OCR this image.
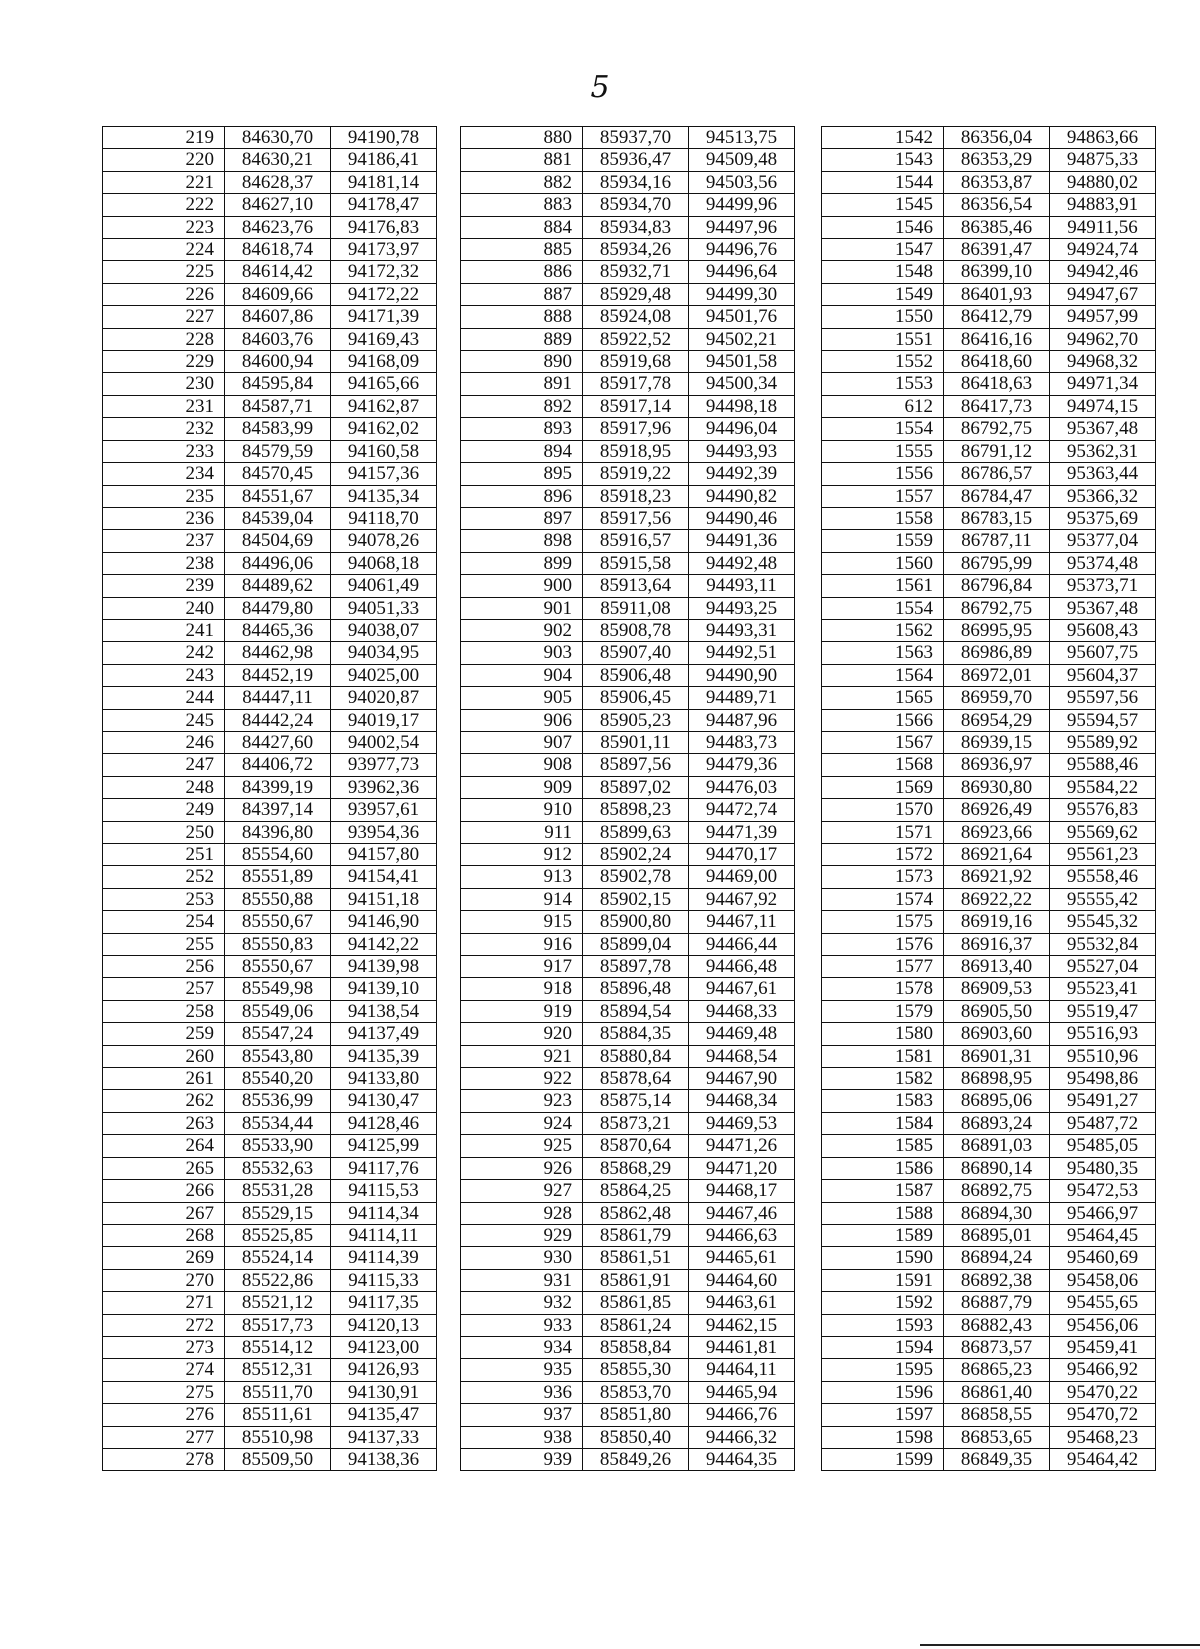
5
219	84630,70	94190,78
220	84630,21	94186,41
221	84628,37	94181,14
222	84627,10	94178,47
223	84623,76	94176,83
224	84618,74	94173,97
225	84614,42	94172,32
226	84609,66	94172,22
227	84607,86	94171,39
228	84603,76	94169,43
229	84600,94	94168,09
230	84595,84	94165,66
231	84587,71	94162,87
232	84583,99	94162,02
233	84579,59	94160,58
234	84570,45	94157,36
235	84551,67	94135,34
236	84539,04	94118,70
237	84504,69	94078,26
238	84496,06	94068,18
239	84489,62	94061,49
240	84479,80	94051,33
241	84465,36	94038,07
242	84462,98	94034,95
243	84452,19	94025,00
244	84447,11	94020,87
245	84442,24	94019,17
246	84427,60	94002,54
247	84406,72	93977,73
248	84399,19	93962,36
249	84397,14	93957,61
250	84396,80	93954,36
251	85554,60	94157,80
252	85551,89	94154,41
253	85550,88	94151,18
254	85550,67	94146,90
255	85550,83	94142,22
256	85550,67	94139,98
257	85549,98	94139,10
258	85549,06	94138,54
259	85547,24	94137,49
260	85543,80	94135,39
261	85540,20	94133,80
262	85536,99	94130,47
263	85534,44	94128,46
264	85533,90	94125,99
265	85532,63	94117,76
266	85531,28	94115,53
267	85529,15	94114,34
268	85525,85	94114,11
269	85524,14	94114,39
270	85522,86	94115,33
271	85521,12	94117,35
272	85517,73	94120,13
273	85514,12	94123,00
274	85512,31	94126,93
275	85511,70	94130,91
276	85511,61	94135,47
277	85510,98	94137,33
278	85509,50	94138,36
880	85937,70	94513,75
881	85936,47	94509,48
882	85934,16	94503,56
883	85934,70	94499,96
884	85934,83	94497,96
885	85934,26	94496,76
886	85932,71	94496,64
887	85929,48	94499,30
888	85924,08	94501,76
889	85922,52	94502,21
890	85919,68	94501,58
891	85917,78	94500,34
892	85917,14	94498,18
893	85917,96	94496,04
894	85918,95	94493,93
895	85919,22	94492,39
896	85918,23	94490,82
897	85917,56	94490,46
898	85916,57	94491,36
899	85915,58	94492,48
900	85913,64	94493,11
901	85911,08	94493,25
902	85908,78	94493,31
903	85907,40	94492,51
904	85906,48	94490,90
905	85906,45	94489,71
906	85905,23	94487,96
907	85901,11	94483,73
908	85897,56	94479,36
909	85897,02	94476,03
910	85898,23	94472,74
911	85899,63	94471,39
912	85902,24	94470,17
913	85902,78	94469,00
914	85902,15	94467,92
915	85900,80	94467,11
916	85899,04	94466,44
917	85897,78	94466,48
918	85896,48	94467,61
919	85894,54	94468,33
920	85884,35	94469,48
921	85880,84	94468,54
922	85878,64	94467,90
923	85875,14	94468,34
924	85873,21	94469,53
925	85870,64	94471,26
926	85868,29	94471,20
927	85864,25	94468,17
928	85862,48	94467,46
929	85861,79	94466,63
930	85861,51	94465,61
931	85861,91	94464,60
932	85861,85	94463,61
933	85861,24	94462,15
934	85858,84	94461,81
935	85855,30	94464,11
936	85853,70	94465,94
937	85851,80	94466,76
938	85850,40	94466,32
939	85849,26	94464,35
1542	86356,04	94863,66
1543	86353,29	94875,33
1544	86353,87	94880,02
1545	86356,54	94883,91
1546	86385,46	94911,56
1547	86391,47	94924,74
1548	86399,10	94942,46
1549	86401,93	94947,67
1550	86412,79	94957,99
1551	86416,16	94962,70
1552	86418,60	94968,32
1553	86418,63	94971,34
612	86417,73	94974,15
1554	86792,75	95367,48
1555	86791,12	95362,31
1556	86786,57	95363,44
1557	86784,47	95366,32
1558	86783,15	95375,69
1559	86787,11	95377,04
1560	86795,99	95374,48
1561	86796,84	95373,71
1554	86792,75	95367,48
1562	86995,95	95608,43
1563	86986,89	95607,75
1564	86972,01	95604,37
1565	86959,70	95597,56
1566	86954,29	95594,57
1567	86939,15	95589,92
1568	86936,97	95588,46
1569	86930,80	95584,22
1570	86926,49	95576,83
1571	86923,66	95569,62
1572	86921,64	95561,23
1573	86921,92	95558,46
1574	86922,22	95555,42
1575	86919,16	95545,32
1576	86916,37	95532,84
1577	86913,40	95527,04
1578	86909,53	95523,41
1579	86905,50	95519,47
1580	86903,60	95516,93
1581	86901,31	95510,96
1582	86898,95	95498,86
1583	86895,06	95491,27
1584	86893,24	95487,72
1585	86891,03	95485,05
1586	86890,14	95480,35
1587	86892,75	95472,53
1588	86894,30	95466,97
1589	86895,01	95464,45
1590	86894,24	95460,69
1591	86892,38	95458,06
1592	86887,79	95455,65
1593	86882,43	95456,06
1594	86873,57	95459,41
1595	86865,23	95466,92
1596	86861,40	95470,22
1597	86858,55	95470,72
1598	86853,65	95468,23
1599	86849,35	95464,42
